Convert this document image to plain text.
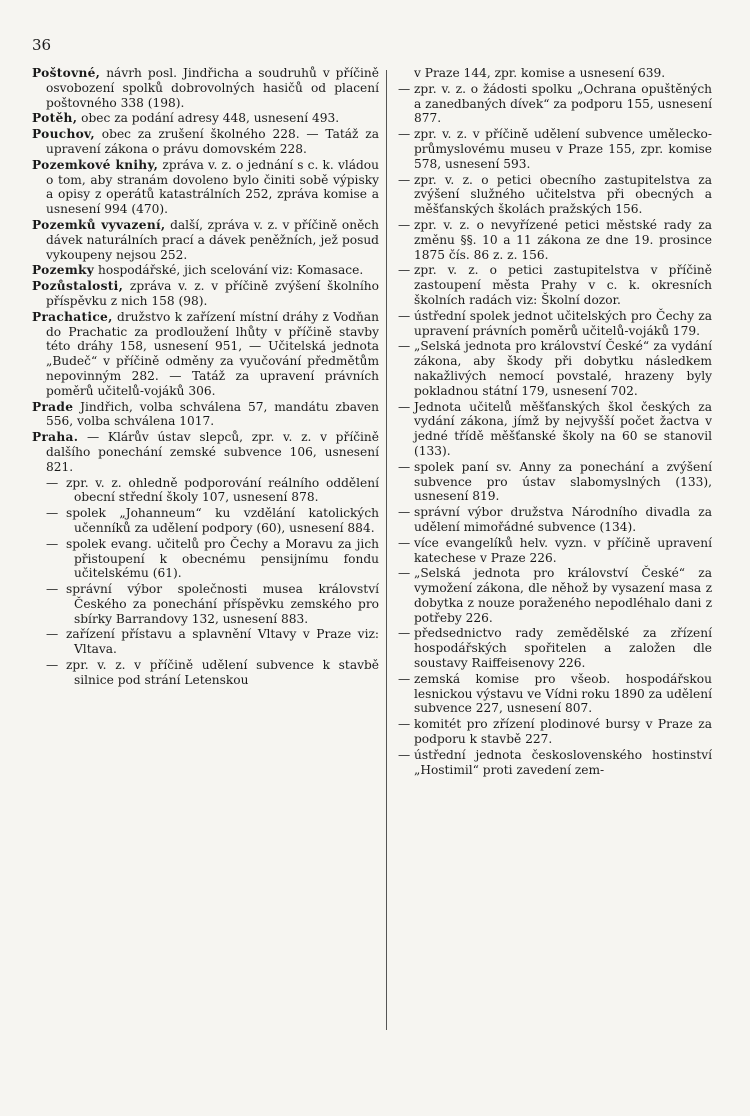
36
Poštovné, návrh posl. Jindřicha a soudruhů v příčině osvobození spolků dobrovolných hasičů od placení poštovného 338 (198).
Potěh, obec za podání adresy 448, usnesení 493.
Pouchov, obec za zrušení školného 228. — Tatáž za upravení zákona o právu domovském 228.
Pozemkové knihy, zpráva v. z. o jednání s c. k. vládou o tom, aby stranám dovoleno bylo činiti sobě výpisky a opisy z operátů katastrálních 252, zpráva komise a usnesení 994 (470).
Pozemků vyvazení, další, zpráva v. z. v příčině oněch dávek naturálních prací a dávek peněžních, jež posud vykoupeny nejsou 252.
Pozemky hospodářské, jich scelování viz: Komasace.
Pozůstalosti, zpráva v. z. v příčině zvýšení školního příspěvku z nich 158 (98).
Prachatice, družstvo k zařízení místní dráhy z Vodňan do Prachatic za prodloužení lhůty v příčině stavby této dráhy 158, usnesení 951, — Učitelská jednota „Budeč“ v příčině odměny za vyučování předmětům nepovinným 282. — Tatáž za upravení právních poměrů učitelů-vojáků 306.
Prade Jindřich, volba schválena 57, mandátu zbaven 556, volba schválena 1017.
Praha. — Klárův ústav slepců, zpr. v. z. v příčině dalšího ponechání zemské subvence 106, usnesení 821.
— zpr. v. z. ohledně podporování reálního oddělení obecní střední školy 107, usnesení 878.
— spolek „Johanneum“ ku vzdělání katolických učenníků za udělení podpory (60), usnesení 884.
— spolek evang. učitelů pro Čechy a Moravu za jich přistoupení k obecnému pensijnímu fondu učitelskému (61).
— správní výbor společnosti musea království Českého za ponechání příspěvku zemského pro sbírky Barrandovy 132, usnesení 883.
— zařízení přístavu a splavnění Vltavy v Praze viz: Vltava.
— zpr. v. z. v příčině udělení subvence k stavbě silnice pod strání Letenskou
v Praze 144, zpr. komise a usnesení 639.
— zpr. v. z. o žádosti spolku „Ochrana opuštěných a zanedbaných dívek“ za podporu 155, usnesení 877.
— zpr. v. z. v příčině udělení subvence umělecko-průmyslovému museu v Praze 155, zpr. komise 578, usnesení 593.
— zpr. v. z. o petici obecního zastupitelstva za zvýšení služného učitelstva při obecných a měšťanských školách pražských 156.
— zpr. v. z. o nevyřízené petici městské rady za změnu §§. 10 a 11 zákona ze dne 19. prosince 1875 čís. 86 z. z. 156.
— zpr. v. z. o petici zastupitelstva v příčině zastoupení města Prahy v c. k. okresních školních radách viz: Školní dozor.
— ústřední spolek jednot učitelských pro Čechy za upravení právních poměrů učitelů-vojáků 179.
— „Selská jednota pro království České“ za vydání zákona, aby škody při dobytku následkem nakažlivých nemocí povstalé, hrazeny byly pokladnou státní 179, usnesení 702.
— Jednota učitelů měšťanských škol českých za vydání zákona, jímž by nejvyšší počet žactva v jedné třídě měšťanské školy na 60 se stanovil (133).
— spolek paní sv. Anny za ponechání a zvýšení subvence pro ústav slabomyslných (133), usnesení 819.
— správní výbor družstva Národního divadla za udělení mimořádné subvence (134).
— více evangelíků helv. vyzn. v příčině upravení katechese v Praze 226.
— „Selská jednota pro království České“ za vymožení zákona, dle něhož by vysazení masa z dobytka z nouze poraženého nepodléhalo dani z potřeby 226.
— předsednictvo rady zemědělské za zřízení hospodářských spořitelen a založen dle soustavy Raiffeisenovy 226.
— zemská komise pro všeob. hospodářskou lesnickou výstavu ve Vídni roku 1890 za udělení subvence 227, usnesení 807.
— komitét pro zřízení plodinové bursy v Praze za podporu k stavbě 227.
— ústřední jednota československého hostinství „Hostimil“ proti zavedení zem-
